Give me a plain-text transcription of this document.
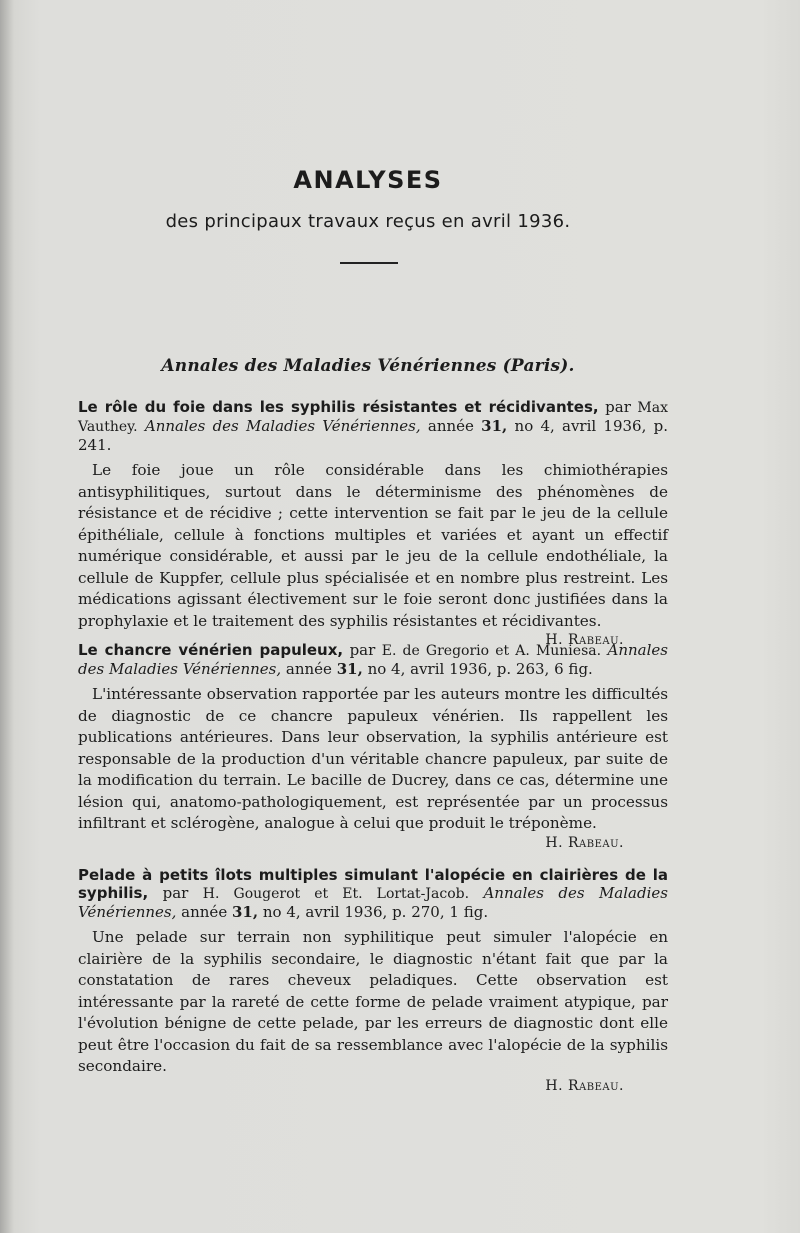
ANALYSES
des principaux travaux reçus en avril 1936.
Annales des Maladies Vénériennes (Paris).

Le rôle du foie dans les syphilis résistantes et récidivantes, par Max Vauthey. Annales des Maladies Vénériennes, année 31, no 4, avril 1936, p. 241.

Le foie joue un rôle considérable dans les chimiothérapies antisyphilitiques, surtout dans le déterminisme des phénomènes de résistance et de récidive ; cette intervention se fait par le jeu de la cellule épithéliale, cellule à fonctions multiples et variées et ayant un effectif numérique considérable, et aussi par le jeu de la cellule endothéliale, la cellule de Kuppfer, cellule plus spécialisée et en nombre plus restreint. Les médications agissant électivement sur le foie seront donc justifiées dans la prophylaxie et le traitement des syphilis résistantes et récidivantes.

H. Rabeau.

Le chancre vénérien papuleux, par E. de Gregorio et A. Muniesa. Annales des Maladies Vénériennes, année 31, no 4, avril 1936, p. 263, 6 fig.

L'intéressante observation rapportée par les auteurs montre les difficultés de diagnostic de ce chancre papuleux vénérien. Ils rappellent les publications antérieures. Dans leur observation, la syphilis antérieure est responsable de la production d'un véritable chancre papuleux, par suite de la modification du terrain. Le bacille de Ducrey, dans ce cas, détermine une lésion qui, anatomo-pathologiquement, est représentée par un processus infiltrant et sclérogène, analogue à celui que produit le tréponème.

H. Rabeau.

Pelade à petits îlots multiples simulant l'alopécie en clairières de la syphilis, par H. Gougerot et Et. Lortat-Jacob. Annales des Maladies Vénériennes, année 31, no 4, avril 1936, p. 270, 1 fig.

Une pelade sur terrain non syphilitique peut simuler l'alopécie en clairière de la syphilis secondaire, le diagnostic n'étant fait que par la constatation de rares cheveux peladiques. Cette observation est intéressante par la rareté de cette forme de pelade vraiment atypique, par l'évolution bénigne de cette pelade, par les erreurs de diagnostic dont elle peut être l'occasion du fait de sa ressemblance avec l'alopécie de la syphilis secondaire.

H. Rabeau.
